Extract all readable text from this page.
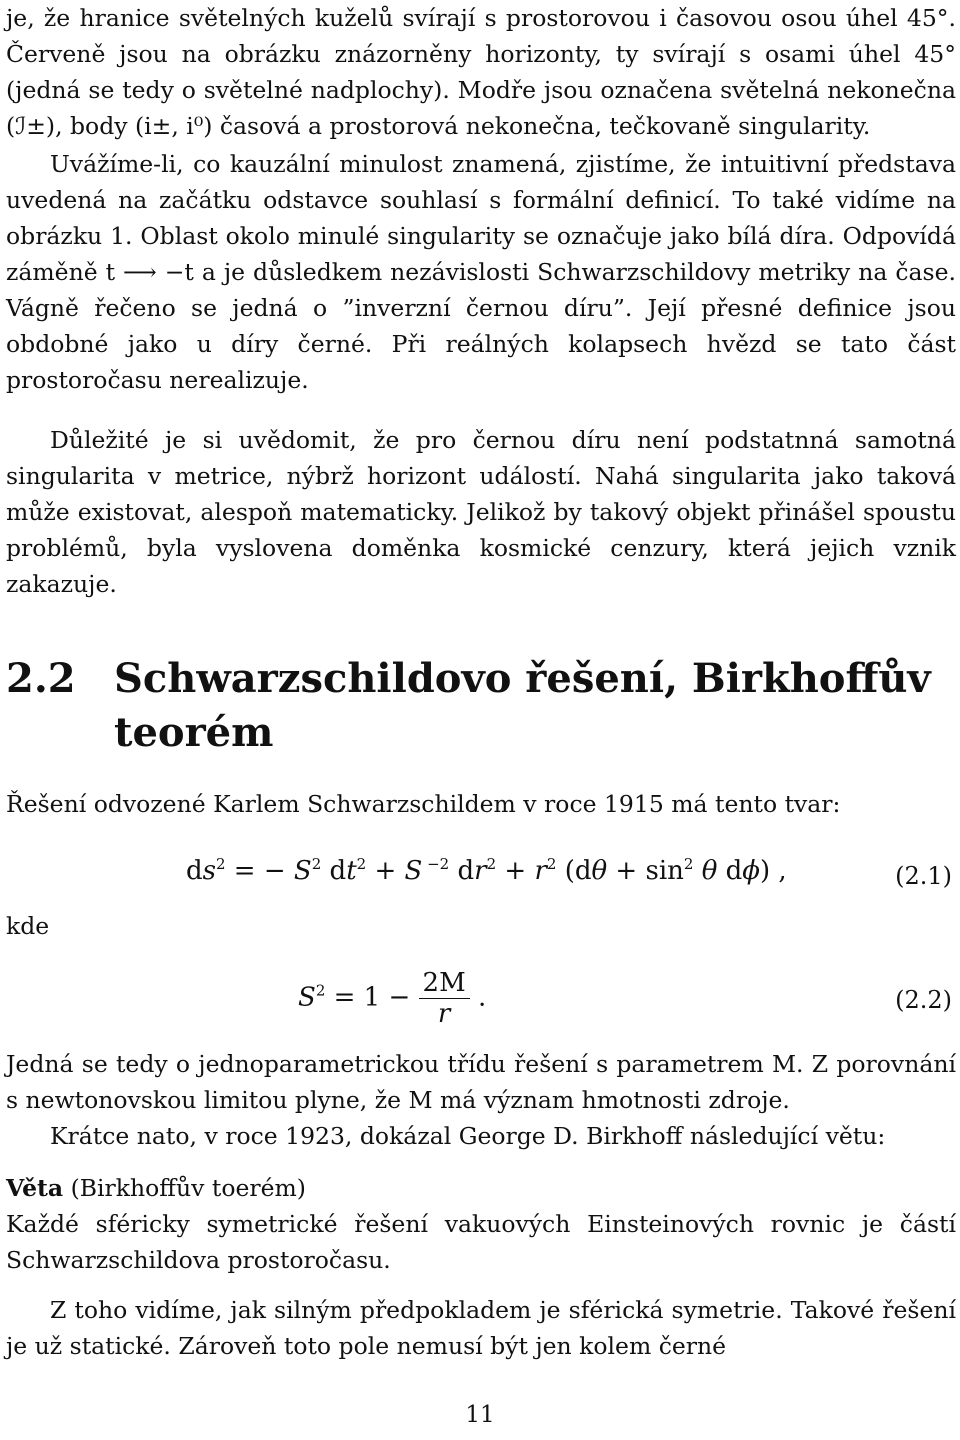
je, že hranice světelných kuželů svírají s prostorovou i časovou osou úhel 45°. Červeně jsou na obrázku znázorněny horizonty, ty svírají s osami úhel 45° (jedná se tedy o světelné nadplochy). Modře jsou označena světelná nekonečna (ℐ±), body (i±, i⁰) časová a prostorová nekonečna, tečkovaně singularity.
Uvážíme-li, co kauzální minulost znamená, zjistíme, že intuitivní představa uvedená na začátku odstavce souhlasí s formální definicí. To také vidíme na obrázku 1. Oblast okolo minulé singularity se označuje jako bílá díra. Odpovídá záměně t ⟶ −t a je důsledkem nezávislosti Schwarzschildovy metriky na čase. Vágně řečeno se jedná o ”inverzní černou díru”. Její přesné definice jsou obdobné jako u díry černé. Při reálných kolapsech hvězd se tato část prostoročasu nerealizuje.
Důležité je si uvědomit, že pro černou díru není podstatnná samotná singularita v metrice, nýbrž horizont událostí. Nahá singularita jako taková může existovat, alespoň matematicky. Jelikož by takový objekt přinášel spoustu problémů, byla vyslovena doměnka kosmické cenzury, která jejich vznik zakazuje.
2.2 Schwarzschildovo řešení, Birkhoffův teorém
Řešení odvozené Karlem Schwarzschildem v roce 1915 má tento tvar:
$ds^2$ = − $S^2$ $dt^2 + S$ $^{-2}$ $dr^2 + r^2$ ($d\theta + \sin^2 \theta$ dϕ) ,	(2.1)
kde
$S^2 = 1 - \frac{2M}{r}$ .	(2.2)
Jedná se tedy o jednoparametrickou třídu řešení s parametrem M. Z porovnání s newtonovskou limitou plyne, že M má význam hmotnosti zdroje.
Krátce nato, v roce 1923, dokázal George D. Birkhoff následující větu:
Věta (Birkhoffův toerém)
Každé sféricky symetrické řešení vakuových Einsteinových rovnic je částí Schwarzschildova prostoročasu.
Z toho vidíme, jak silným předpokladem je sférická symetrie. Takové řešení je už statické. Zároveň toto pole nemusí být jen kolem černé
11
